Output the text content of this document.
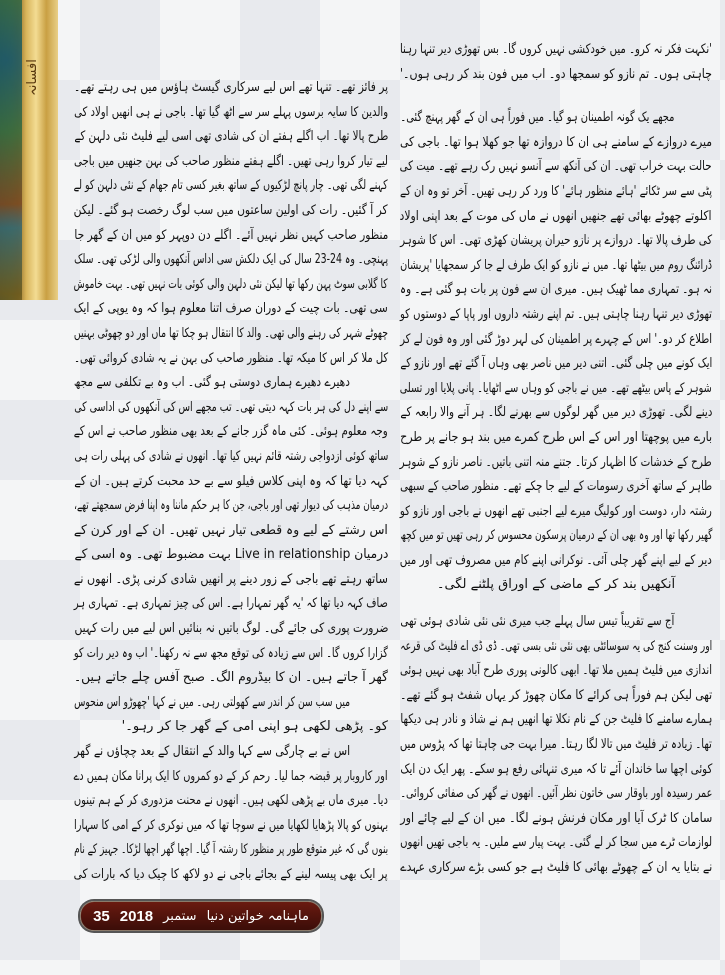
افسانہ	پر فائز تھے۔ تنہا تھے اس لیے سرکاری گیسٹ ہاؤس میں ہی رہتے تھے۔
والدین کا سایہ برسوں پہلے سر سے اٹھ گیا تھا۔ باجی نے ہی انھیں اولاد کی
طرح پالا تھا۔ اب اگلے ہفتے ان کی شادی تھی اسی لیے فلیٹ نئی دلہن کے
لیے تیار کروا رہی تھیں۔ اگلے ہفتے منظور صاحب کی بہن جنھیں میں باجی
کہنے لگی تھی۔ چار پانچ لڑکیوں کے ساتھ بغیر کسی تام جھام کے نئی دلہن کو لے
کر آ گئیں۔ رات کی اولین ساعتوں میں سب لوگ رخصت ہو گئے۔ لیکن
منظور صاحب کہیں نظر نہیں آئے۔ اگلے دن دوپہر کو میں ان کے گھر جا
پہنچی۔ وہ 24-23 سال کی ایک دلکش سی اداس آنکھوں والی لڑکی تھی۔ سلک
کا گلابی سوٹ پہن رکھا تھا لیکن نئی دلہن والی کوئی بات نہیں تھی۔ بہت خاموش
سی تھی۔ بات چیت کے دوران صرف اتنا معلوم ہوا کہ وہ یوپی کے ایک
چھوٹے شہر کی رہنے والی تھی۔ والد کا انتقال ہو چکا تھا ماں اور دو چھوٹی بہنیں
کل ملا کر اس کا میکہ تھا۔ منظور صاحب کی بہن نے یہ شادی کروائی تھی۔
دھیرے دھیرے ہماری دوستی ہو گئی۔ اب وہ بے تکلفی سے مجھ
سے اپنے دل کی ہر بات کہہ دیتی تھی۔ تب مجھے اس کی آنکھوں کی اداسی کی
وجہ معلوم ہوئی۔ کئی ماہ گزر جانے کے بعد بھی منظور صاحب نے اس کے
ساتھ کوئی ازدواجی رشتہ قائم نہیں کیا تھا۔ انھوں نے شادی کی پہلی رات ہی
کہہ دیا تھا کہ وہ اپنی کلاس فیلو سے بے حد محبت کرتے ہیں۔ ان کے
درمیان مذہب کی دیوار تھی اور باجی، جن کا ہر حکم ماننا وہ اپنا فرض سمجھتے تھے،
اس رشتے کے لیے وہ قطعی تیار نہیں تھیں۔ ان کے اور کرن کے
درمیان Live in relationship بہت مضبوط تھی۔ وہ اسی کے
ساتھ رہتے تھے باجی کے زور دینے پر انھیں شادی کرنی پڑی۔ انھوں نے
صاف کہہ دیا تھا کہ 'یہ گھر تمہارا ہے۔ اس کی چیز تمہاری ہے۔ تمہاری ہر
ضرورت پوری کی جائے گی۔ لوگ باتیں نہ بنائیں اس لیے میں رات کہیں
گزارا کروں گا۔ اس سے زیادہ کی توقع مجھ سے نہ رکھنا۔' اب وہ دیر رات کو
گھر آ جاتے ہیں۔ ان کا بیڈروم الگ۔ صبح آفس چلے جاتے ہیں۔
میں سب سن کر اندر سے کھولتی رہی۔ میں نے کہا 'چھوڑو اس منحوس
کو۔ پڑھی لکھی ہو اپنی امی کے گھر جا کر رہو۔'
اس نے بے چارگی سے کہا والد کے انتقال کے بعد چچاؤں نے گھر
اور کاروبار پر قبضہ جما لیا۔ رحم کر کے دو کمروں کا ایک پرانا مکان ہمیں دے
دیا۔ میری ماں بے پڑھی لکھی ہیں۔ انھوں نے محنت مزدوری کر کے ہم تینوں
بہنوں کو پالا پڑھایا لکھایا میں نے سوچا تھا کہ میں نوکری کر کے امی کا سہارا
بنوں گی کہ غیر متوقع طور پر منظور کا رشتہ آ گیا۔ اچھا گھر اچھا لڑکا۔ جہیز کے نام
پر ایک بھی پیسہ لینے کے بجائے باجی نے دو لاکھ کا چیک دیا کہ بارات کی
'نکہت فکر نہ کرو۔ میں خودکشی نہیں کروں گا۔ بس تھوڑی دیر تنہا رہنا
چاہتی ہوں۔ تم نازو کو سمجھا دو۔ اب میں فون بند کر رہی ہوں۔'
مجھے یک گونہ اطمینان ہو گیا۔ میں فوراً ہی ان کے گھر پہنچ گئی۔
میرے دروازے کے سامنے ہی ان کا دروازہ تھا جو کھلا ہوا تھا۔ باجی کی
حالت بہت خراب تھی۔ ان کی آنکھ سے آنسو نہیں رک رہے تھے۔ میت کی
پٹی سے سر ٹکائے 'ہائے منظور ہائے' کا ورد کر رہی تھیں۔ آخر تو وہ ان کے
اکلوتے چھوٹے بھائی تھے جنھیں انھوں نے ماں کی موت کے بعد اپنی اولاد
کی طرف پالا تھا۔ دروازے پر نازو حیران پریشان کھڑی تھی۔ اس کا شوہر
ڈرائنگ روم میں بیٹھا تھا۔ میں نے نازو کو ایک طرف لے جا کر سمجھایا 'پریشان
نہ ہو۔ تمہاری مما ٹھیک ہیں۔ میری ان سے فون پر بات ہو گئی ہے۔ وہ
تھوڑی دیر تنہا رہنا چاہتی ہیں۔ تم اپنے رشتہ داروں اور پاپا کے دوستوں کو
اطلاع کر دو۔' اس کے چہرے پر اطمینان کی لہر دوڑ گئی اور وہ فون لے کر
ایک کونے میں چلی گئی۔ اتنی دیر میں ناصر بھی وہاں آ گئے تھے اور نازو کے
شوہر کے پاس بیٹھے تھے۔ میں نے باجی کو وہاں سے اٹھایا۔ پانی پلایا اور تسلی
دینے لگی۔ تھوڑی دیر میں گھر لوگوں سے بھرنے لگا۔ ہر آنے والا رابعہ کے
بارے میں پوچھتا اور اس کے اس طرح کمرے میں بند ہو جانے پر طرح
طرح کے خدشات کا اظہار کرتا۔ جتنے منہ اتنی باتیں۔ ناصر نازو کے شوہر
طاہر کے ساتھ آخری رسومات کے لیے جا چکے تھے۔ منظور صاحب کے سبھی
رشتہ دار، دوست اور کولیگ میرے لیے اجنبی تھے انھوں نے باجی اور نازو کو
گھیر رکھا تھا اور وہ بھی ان کے درمیان پرسکون محسوس کر رہی تھیں تو میں کچھ
دیر کے لیے اپنے گھر چلی آئی۔ نوکرانی اپنے کام میں مصروف تھی اور میں
آنکھیں بند کر کے ماضی کے اوراق پلٹنے لگی۔
آج سے تقریباً تیس سال پہلے جب میری نئی نئی شادی ہوئی تھی
اور وسنت کنج کی یہ سوسائٹی بھی نئی نئی بسی تھی۔ ڈی ڈی اے فلیٹ کی قرعہ
اندازی میں فلیٹ ہمیں ملا تھا۔ ابھی کالونی پوری طرح آباد بھی نہیں ہوئی
تھی لیکن ہم فوراً ہی کرائے کا مکان چھوڑ کر یہاں شفٹ ہو گئے تھے۔
ہمارے سامنے کا فلیٹ جن کے نام نکلا تھا انھیں ہم نے شاذ و نادر ہی دیکھا
تھا۔ زیادہ تر فلیٹ میں تالا لگا رہتا۔ میرا بہت جی چاہتا تھا کہ پڑوس میں
کوئی اچھا سا خاندان آئے تا کہ میری تنہائی رفع ہو سکے۔ پھر ایک دن ایک
عمر رسیدہ اور باوقار سی خاتون نظر آئیں۔ انھوں نے گھر کی صفائی کروائی۔
سامان کا ٹرک آیا اور مکان فرنش ہونے لگا۔ میں ان کے لیے چائے اور
لوازمات ٹرے میں سجا کر لے گئی۔ بہت پیار سے ملیں۔ یہ باجی تھیں انھوں
نے بتایا یہ ان کے چھوٹے بھائی کا فلیٹ ہے جو کسی بڑے سرکاری عہدے
ماہنامہ خواتین دنیا
ستمبر
2018
35
